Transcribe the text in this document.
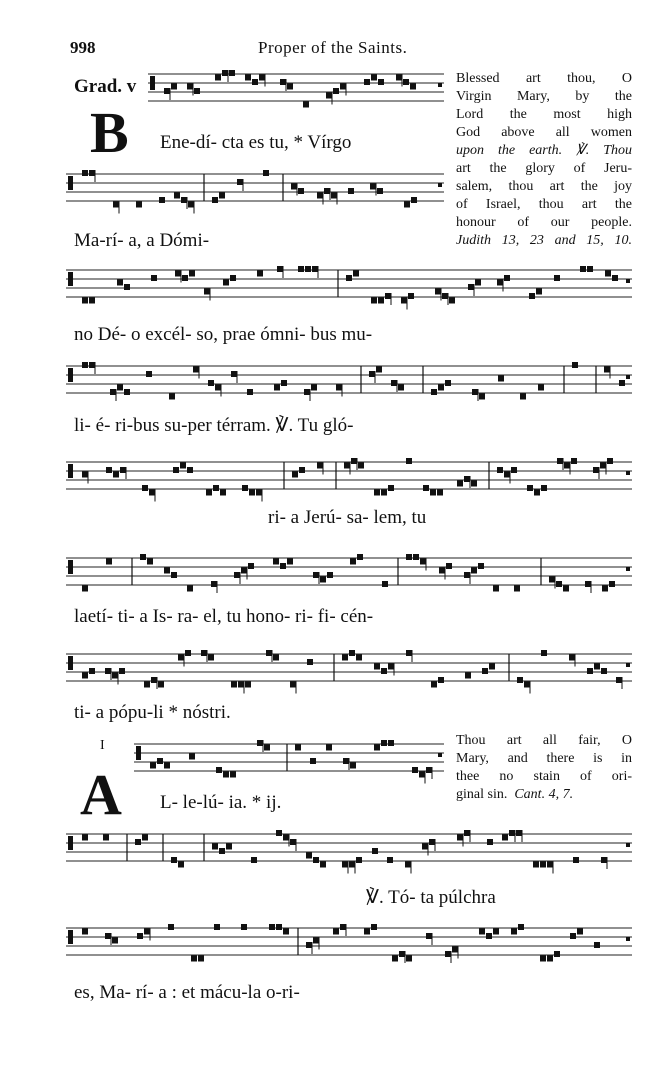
998	Proper of the Saints.
Grad. v
B
Blessed art thou, O
Virgin Mary, by the
Lord the most high
God above all women
upon the earth. ℣. Thou
art the glory of Jeru-
salem, thou art the joy
of Israel, thou art the
honour of our people.
Judith 13, 23 and 15, 10.
Ene-dí- cta es tu, * Vírgo
Ma-rí- a, a Dómi-
no Dé- o excél- so, prae ómni- bus mu-
li- é- ri-bus su-per térram. ℣. Tu gló-
ri- a Jerú- sa- lem, tu
laetí- ti- a Is- ra- el, tu hono- ri- fi- cén-
ti- a pópu-li * nóstri.
I
A L- le-lú- ia. * ij.
℣. Tó- ta púlchra
es, Ma- rí- a : et mácu-la o-ri-
Thou art all fair, O
Mary, and there is in
thee no stain of ori-
ginal sin. Cant. 4, 7.
